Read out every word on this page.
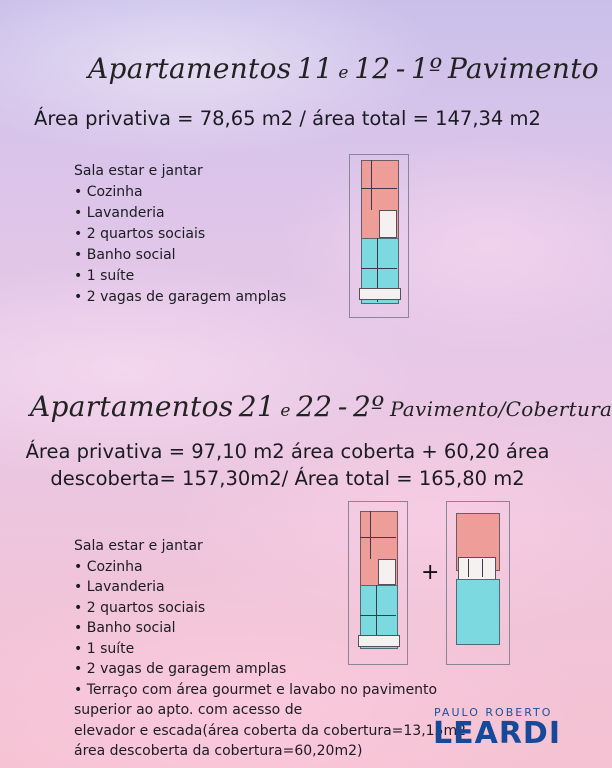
Apartamentos 11 e 12 - 1º Pavimento
Área privativa = 78,65 m2 / área total = 147,34 m2
Sala estar e jantar
• Cozinha
• Lavanderia
• 2 quartos sociais
• Banho social
• 1 suíte
• 2 vagas de garagem amplas
Apartamentos 21 e 22 - 2º Pavimento/Cobertura
Área privativa = 97,10 m2 área coberta + 60,20 área
descoberta= 157,30m2/ Área total = 165,80 m2
Sala estar e jantar
• Cozinha
• Lavanderia
• 2 quartos sociais
• Banho social
• 1 suíte
• 2 vagas de garagem amplas
• Terraço com área gourmet e lavabo no pavimento
superior ao apto. com acesso de
elevador e escada(área coberta da cobertura=13,15m2
área descoberta da cobertura=60,20m2)
+
PAULO ROBERTO
LEARDI
